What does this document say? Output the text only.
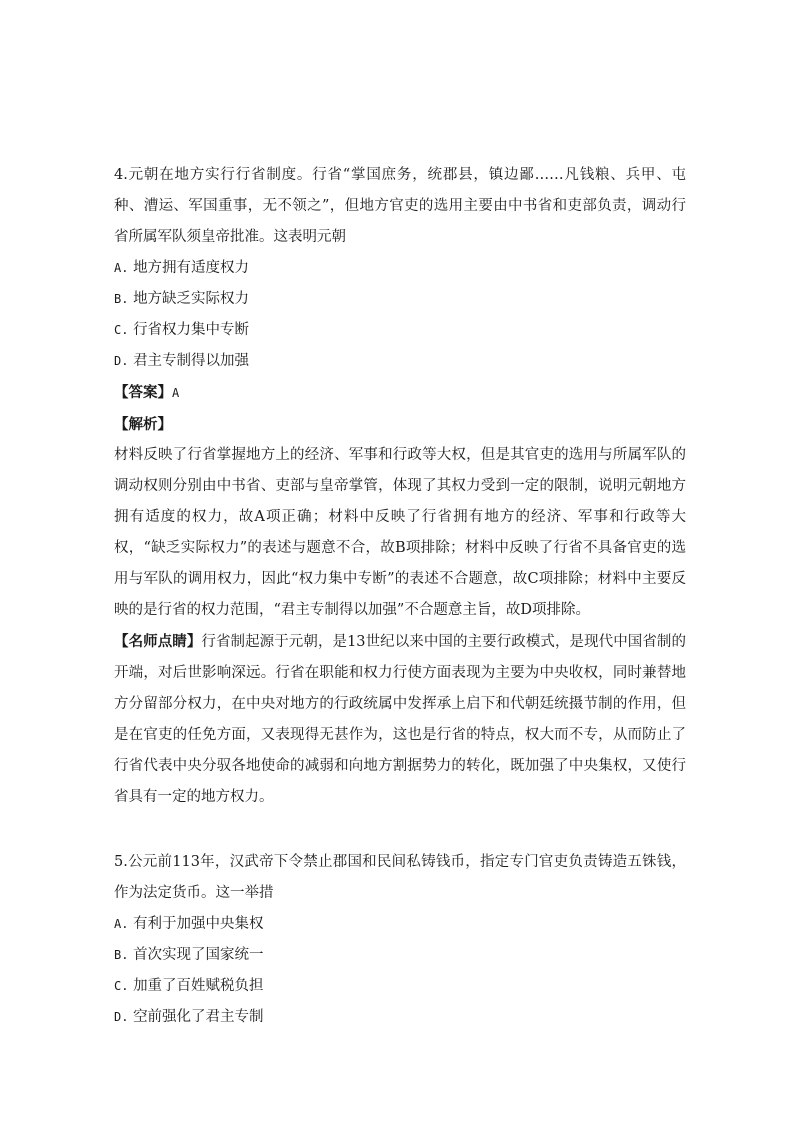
4.元朝在地方实行行省制度。行省“掌国庶务，统郡县，镇边鄙……凡钱粮、兵甲、屯种、漕运、军国重事，无不领之”，但地方官吏的选用主要由中书省和吏部负责，调动行省所属军队须皇帝批准。这表明元朝

A. 地方拥有适度权力

B. 地方缺乏实际权力

C. 行省权力集中专断

D. 君主专制得以加强

【答案】A

【解析】

材料反映了行省掌握地方上的经济、军事和行政等大权，但是其官吏的选用与所属军队的调动权则分别由中书省、吏部与皇帝掌管，体现了其权力受到一定的限制，说明元朝地方拥有适度的权力，故A项正确；材料中反映了行省拥有地方的经济、军事和行政等大权，“缺乏实际权力”的表述与题意不合，故B项排除；材料中反映了行省不具备官吏的选用与军队的调用权力，因此“权力集中专断”的表述不合题意，故C项排除；材料中主要反映的是行省的权力范围，“君主专制得以加强”不合题意主旨，故D项排除。

【名师点睛】行省制起源于元朝，是13世纪以来中国的主要行政模式，是现代中国省制的开端，对后世影响深远。行省在职能和权力行使方面表现为主要为中央收权，同时兼替地方分留部分权力，在中央对地方的行政统属中发挥承上启下和代朝廷统摄节制的作用，但是在官吏的任免方面，又表现得无甚作为，这也是行省的特点，权大而不专，从而防止了行省代表中央分驭各地使命的减弱和向地方割据势力的转化，既加强了中央集权，又使行省具有一定的地方权力。

5.公元前113年，汉武帝下令禁止郡国和民间私铸钱币，指定专门官吏负责铸造五铢钱，作为法定货币。这一举措

A. 有利于加强中央集权

B. 首次实现了国家统一

C. 加重了百姓赋税负担

D. 空前强化了君主专制
